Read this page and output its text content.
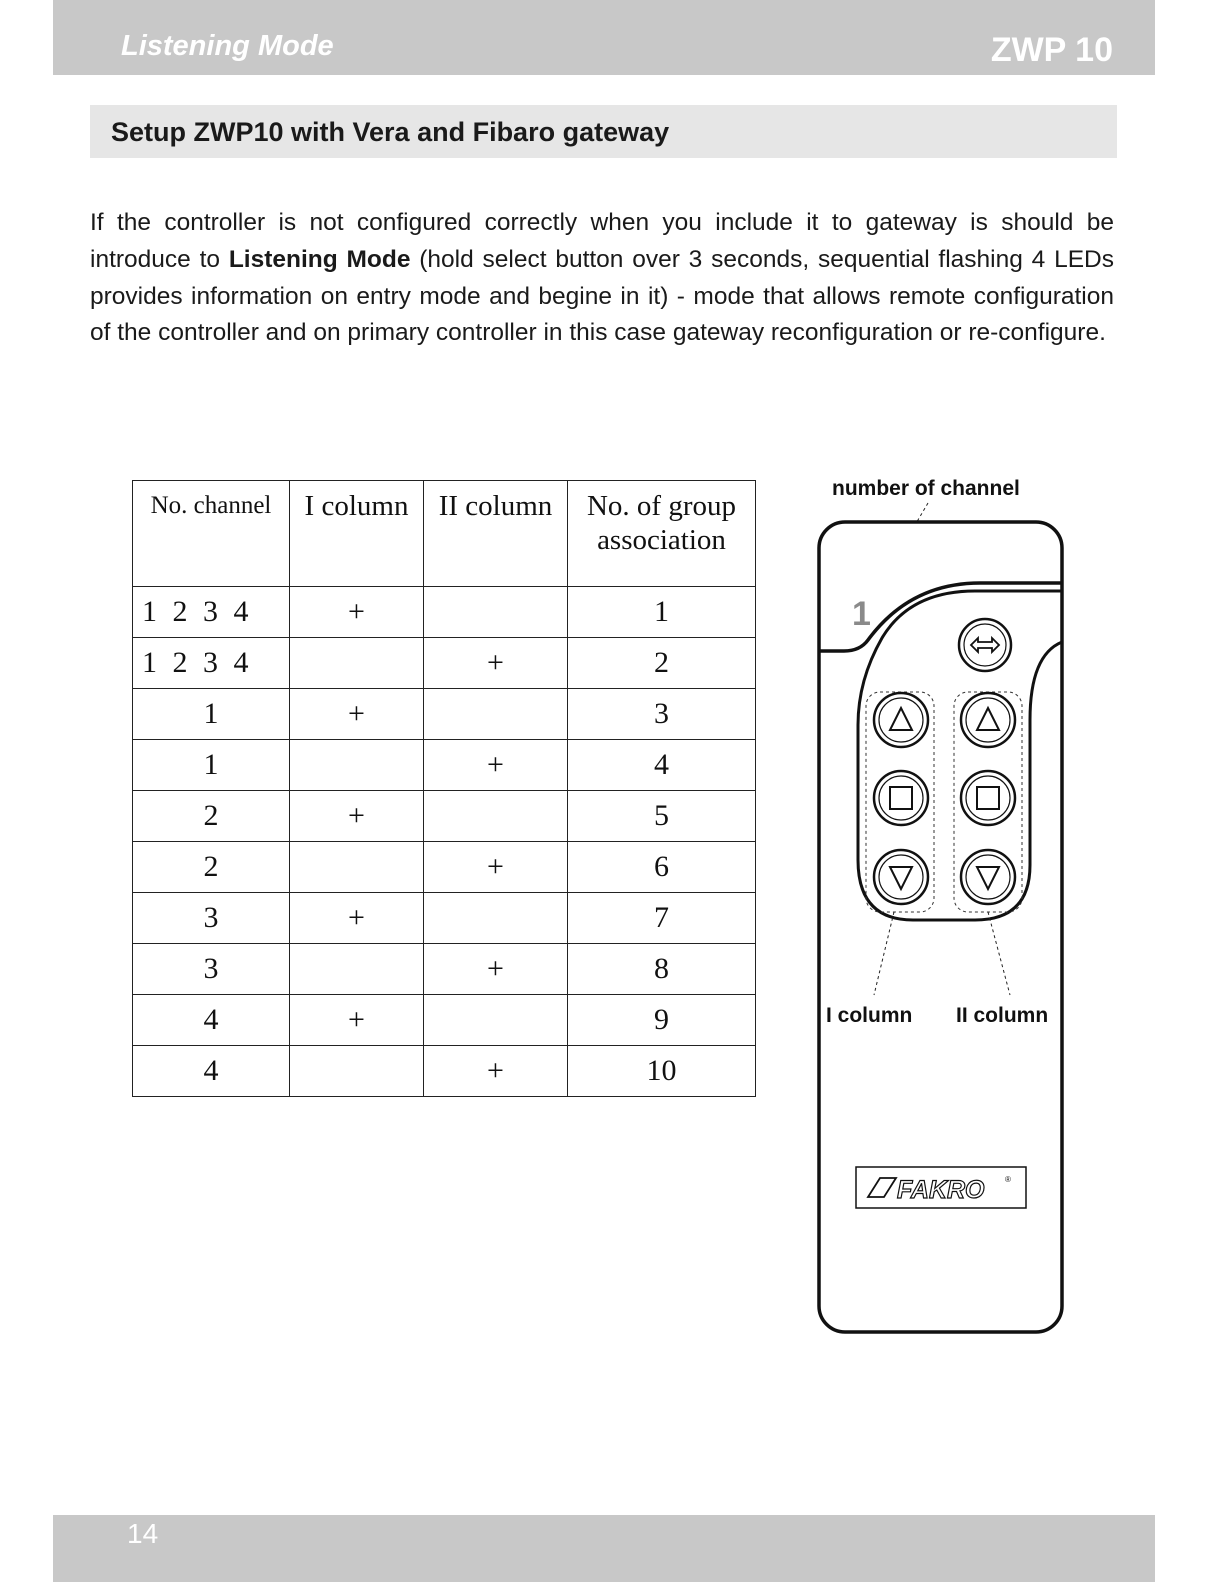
Listening Mode	ZWP 10
Setup ZWP10 with Vera and Fibaro gateway

If the controller is not configured correctly when you include it to gateway is should be introduce to Listening Mode (hold select button over 3 seconds, sequential flashing 4 LEDs provides information on entry mode and begine in it) - mode that allows remote configuration of the controller and on primary controller in this case gateway reconfiguration or re-configure.

No. channel	I column	II column	No. of group association
1 2 3 4	+		1
1 2 3 4		+	2
1	+		3
1		+	4
2	+		5
2		+	6
3	+		7
3		+	8
4	+		9
4		+	10
number of channel
1
I column II column
FAKRO	®
14
